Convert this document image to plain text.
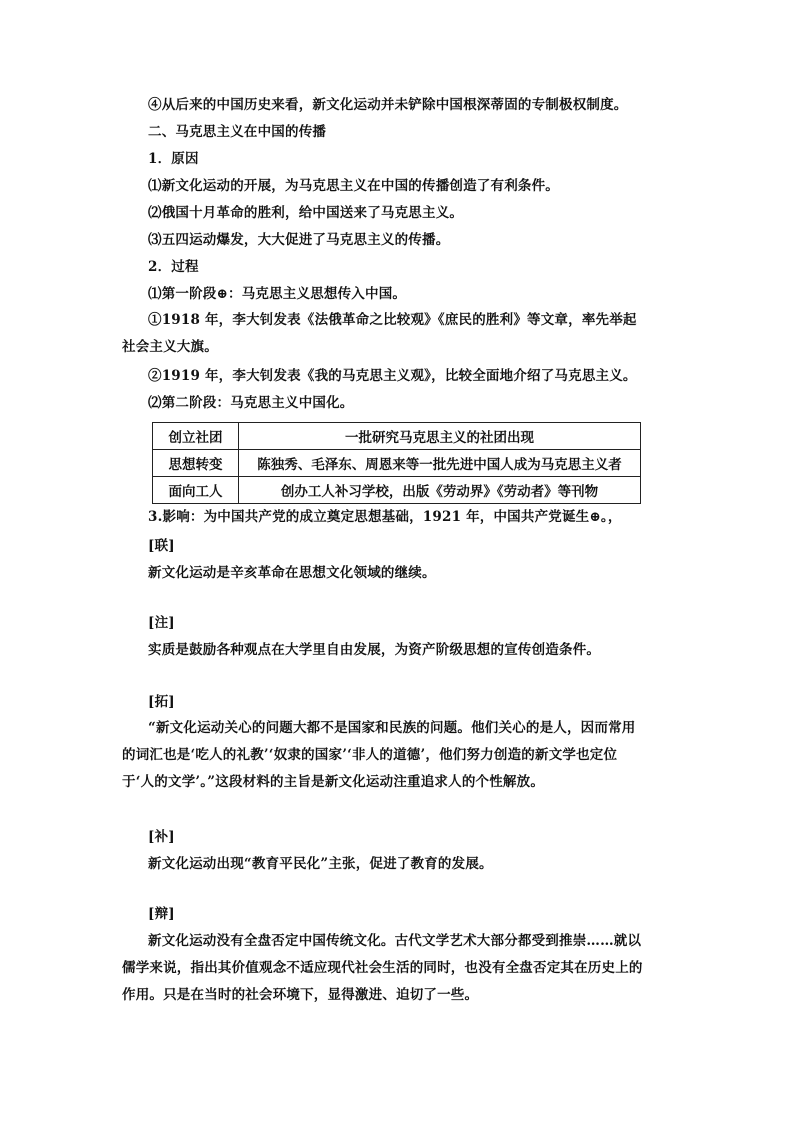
④从后来的中国历史来看，新文化运动并未铲除中国根深蒂固的专制极权制度。
二、马克思主义在中国的传播
1．原因
⑴新文化运动的开展，为马克思主义在中国的传播创造了有利条件。
⑵俄国十月革命的胜利，给中国送来了马克思主义。
⑶五四运动爆发，大大促进了马克思主义的传播。
2．过程
⑴第一阶段⊕：马克思主义思想传入中国。
①1918 年，李大钊发表《法俄革命之比较观》《庶民的胜利》等文章，率先举起社会主义大旗。
②1919 年，李大钊发表《我的马克思主义观》，比较全面地介绍了马克思主义。
⑵第二阶段：马克思主义中国化。
创立社团	一批研究马克思主义的社团出现
思想转变	陈独秀、毛泽东、周恩来等一批先进中国人成为马克思主义者
面向工人	创办工人补习学校，出版《劳动界》《劳动者》等刊物
3.影响：为中国共产党的成立奠定思想基础，1921 年，中国共产党诞生⊕。，
[联]
新文化运动是辛亥革命在思想文化领域的继续。
[注]
实质是鼓励各种观点在大学里自由发展，为资产阶级思想的宣传创造条件。
[拓]
“新文化运动关心的问题大都不是国家和民族的问题。他们关心的是人，因而常用的词汇也是‘吃人的礼教’‘奴隶的国家’‘非人的道德’，他们努力创造的新文学也定位于‘人的文学’。”这段材料的主旨是新文化运动注重追求人的个性解放。
[补]
新文化运动出现“教育平民化”主张，促进了教育的发展。
[辩]
新文化运动没有全盘否定中国传统文化。古代文学艺术大部分都受到推崇……就以儒学来说，指出其价值观念不适应现代社会生活的同时，也没有全盘否定其在历史上的作用。只是在当时的社会环境下，显得激进、迫切了一些。
